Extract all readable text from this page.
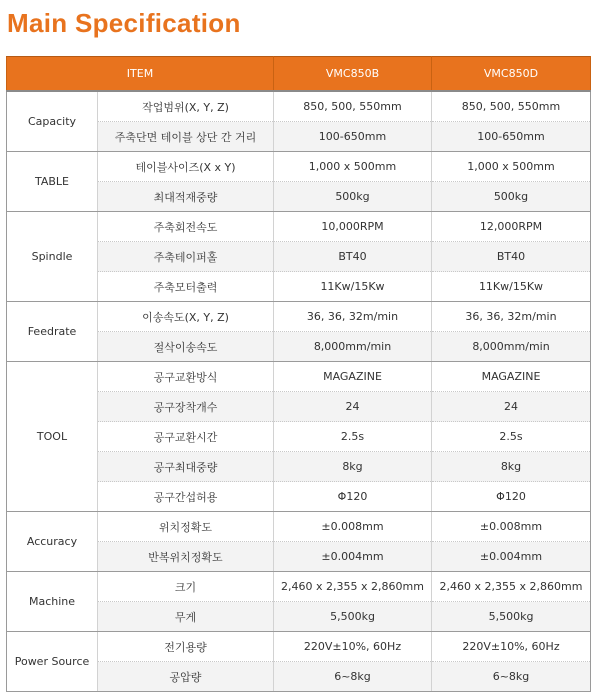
Main Specification
ITEM		VMC850B	VMC850D
Capacity	작업범위(X, Y, Z)	850, 500, 550mm	850, 500, 550mm
	주축단면 테이블 상단 간 거리	100-650mm	100-650mm
TABLE	테이블사이즈(X x Y)	1,000 x 500mm	1,000 x 500mm
	최대적재중량	500kg	500kg
Spindle	주축회전속도	10,000RPM	12,000RPM
	주축테이퍼홀	BT40	BT40
	주축모터출력	11Kw/15Kw	11Kw/15Kw
Feedrate	이송속도(X, Y, Z)	36, 36, 32m/min	36, 36, 32m/min
	절삭이송속도	8,000mm/min	8,000mm/min
TOOL	공구교환방식	MAGAZINE	MAGAZINE
	공구장착개수	24	24
	공구교환시간	2.5s	2.5s
	공구최대중량	8kg	8kg
	공구간섭허용	Φ120	Φ120
Accuracy	위치정확도	±0.008mm	±0.008mm
	반복위치정확도	±0.004mm	±0.004mm
Machine	크기	2,460 x 2,355 x 2,860mm	2,460 x 2,355 x 2,860mm
	무게	5,500kg	5,500kg
Power Source	전기용량	220V±10%, 60Hz	220V±10%, 60Hz
	공압량	6~8kg	6~8kg
